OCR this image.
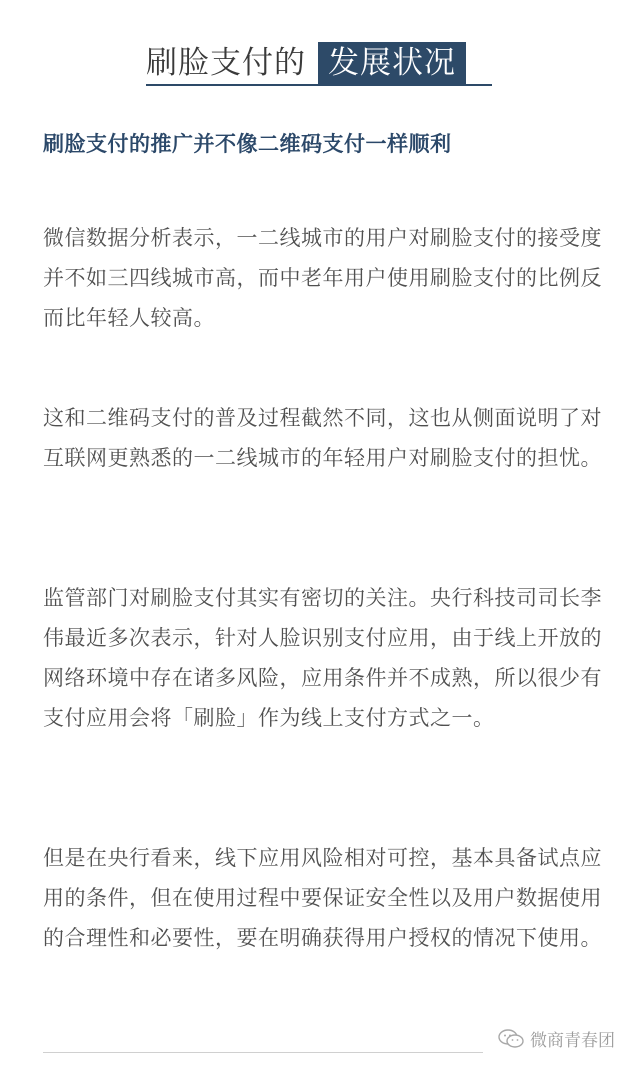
刷脸支付的 发展状况
刷脸支付的推广并不像二维码支付一样顺利

微信数据分析表示，一二线城市的用户对刷脸支付的接受度并不如三四线城市高，而中老年用户使用刷脸支付的比例反而比年轻人较高。

这和二维码支付的普及过程截然不同，这也从侧面说明了对互联网更熟悉的一二线城市的年轻用户对刷脸支付的担忧。

监管部门对刷脸支付其实有密切的关注。央行科技司司长李伟最近多次表示，针对人脸识别支付应用，由于线上开放的网络环境中存在诸多风险，应用条件并不成熟，所以很少有支付应用会将「刷脸」作为线上支付方式之一。

但是在央行看来，线下应用风险相对可控，基本具备试点应用的条件，但在使用过程中要保证安全性以及用户数据使用的合理性和必要性，要在明确获得用户授权的情况下使用。

微商青春团
